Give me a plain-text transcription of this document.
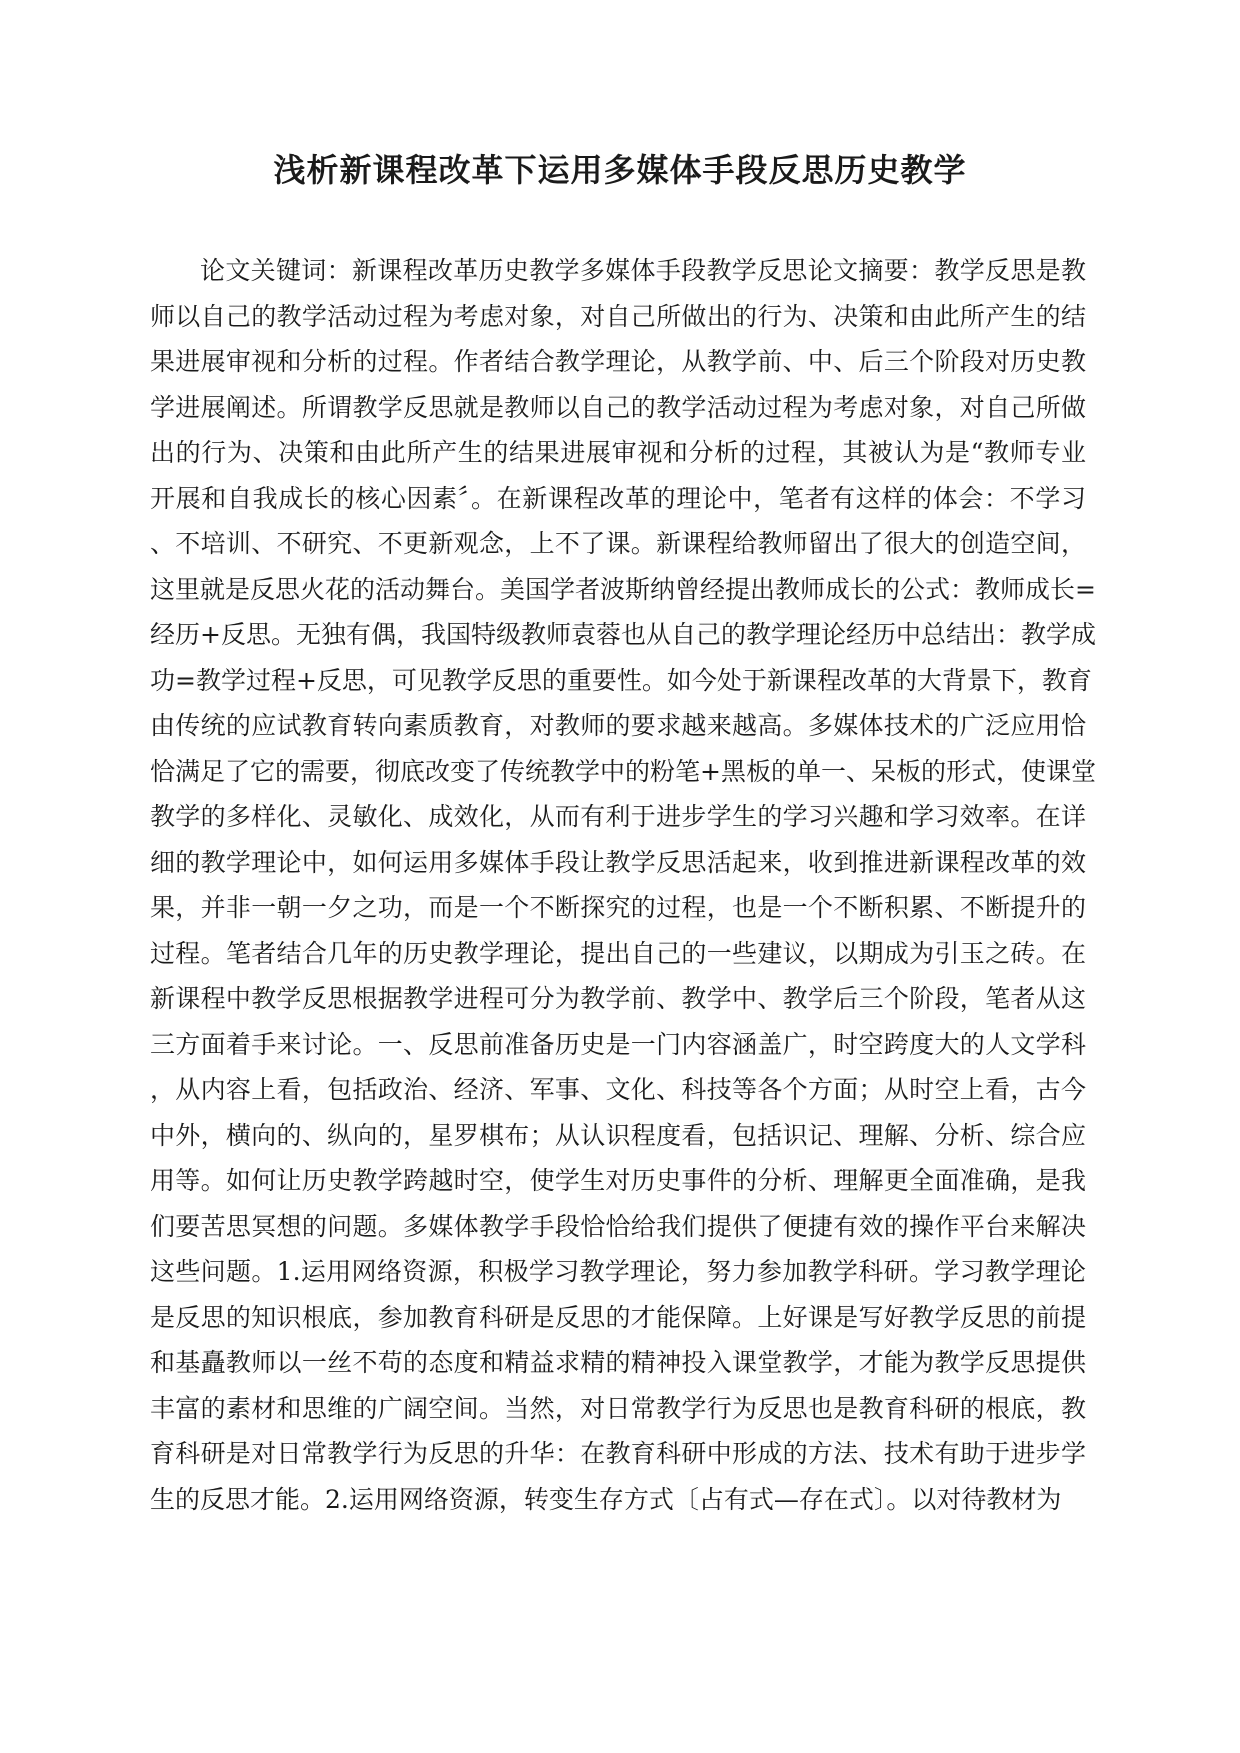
浅析新课程改革下运用多媒体手段反思历史教学
论文关键词：新课程改革历史教学多媒体手段教学反思论文摘要：教学反思是教
师以自己的教学活动过程为考虑对象，对自己所做出的行为、决策和由此所产生的结
果进展审视和分析的过程。作者结合教学理论，从教学前、中、后三个阶段对历史教
学进展阐述。所谓教学反思就是教师以自己的教学活动过程为考虑对象，对自己所做
出的行为、决策和由此所产生的结果进展审视和分析的过程，其被认为是“教师专业
开展和自我成长的核心因素〞。在新课程改革的理论中，笔者有这样的体会：不学习
、不培训、不研究、不更新观念，上不了课。新课程给教师留出了很大的创造空间，
这里就是反思火花的活动舞台。美国学者波斯纳曾经提出教师成长的公式：教师成长=
经历+反思。无独有偶，我国特级教师袁蓉也从自己的教学理论经历中总结出：教学成
功=教学过程+反思，可见教学反思的重要性。如今处于新课程改革的大背景下，教育
由传统的应试教育转向素质教育，对教师的要求越来越高。多媒体技术的广泛应用恰
恰满足了它的需要，彻底改变了传统教学中的粉笔+黑板的单一、呆板的形式，使课堂
教学的多样化、灵敏化、成效化，从而有利于进步学生的学习兴趣和学习效率。在详
细的教学理论中，如何运用多媒体手段让教学反思活起来，收到推进新课程改革的效
果，并非一朝一夕之功，而是一个不断探究的过程，也是一个不断积累、不断提升的
过程。笔者结合几年的历史教学理论，提出自己的一些建议，以期成为引玉之砖。在
新课程中教学反思根据教学进程可分为教学前、教学中、教学后三个阶段，笔者从这
三方面着手来讨论。一、反思前准备历史是一门内容涵盖广，时空跨度大的人文学科
，从内容上看，包括政治、经济、军事、文化、科技等各个方面；从时空上看，古今
中外，横向的、纵向的，星罗棋布；从认识程度看，包括识记、理解、分析、综合应
用等。如何让历史教学跨越时空，使学生对历史事件的分析、理解更全面准确，是我
们要苦思冥想的问题。多媒体教学手段恰恰给我们提供了便捷有效的操作平台来解决
这些问题。1.运用网络资源，积极学习教学理论，努力参加教学科研。学习教学理论
是反思的知识根底，参加教育科研是反思的才能保障。上好课是写好教学反思的前提
和基矗教师以一丝不苟的态度和精益求精的精神投入课堂教学，才能为教学反思提供
丰富的素材和思维的广阔空间。当然，对日常教学行为反思也是教育科研的根底，教
育科研是对日常教学行为反思的升华：在教育科研中形成的方法、技术有助于进步学
生的反思才能。2.运用网络资源，转变生存方式〔占有式—存在式〕。以对待教材为
